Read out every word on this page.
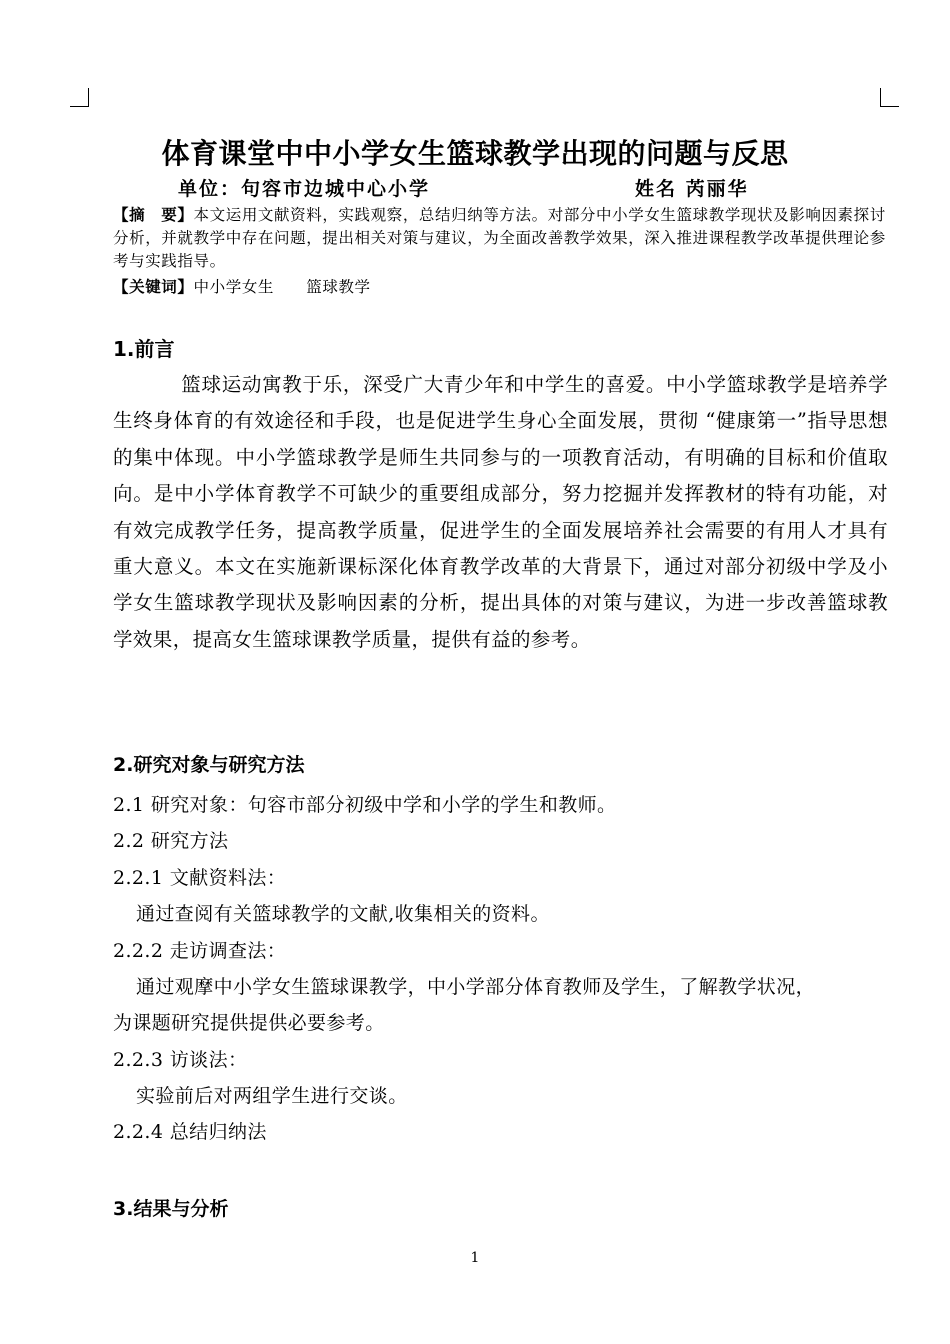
体育课堂中中小学女生篮球教学出现的问题与反思
单位：句容市边城中心小学	姓名 芮丽华
【摘　要】本文运用文献资料，实践观察，总结归纳等方法。对部分中小学女生篮球教学现状及影响因素探讨分析，并就教学中存在问题，提出相关对策与建议，为全面改善教学效果，深入推进课程教学改革提供理论参考与实践指导。
【关键词】中小学女生　　篮球教学
1.前言
篮球运动寓教于乐，深受广大青少年和中学生的喜爱。中小学篮球教学是培养学生终身体育的有效途径和手段，也是促进学生身心全面发展，贯彻 “健康第一”指导思想的集中体现。中小学篮球教学是师生共同参与的一项教育活动，有明确的目标和价值取向。是中小学体育教学不可缺少的重要组成部分，努力挖掘并发挥教材的特有功能，对有效完成教学任务，提高教学质量，促进学生的全面发展培养社会需要的有用人才具有重大意义。本文在实施新课标深化体育教学改革的大背景下，通过对部分初级中学及小学女生篮球教学现状及影响因素的分析，提出具体的对策与建议，为进一步改善篮球教学效果，提高女生篮球课教学质量，提供有益的参考。
2.研究对象与研究方法
2.1 研究对象：句容市部分初级中学和小学的学生和教师。
2.2 研究方法
2.2.1 文献资料法：
通过查阅有关篮球教学的文献,收集相关的资料。
2.2.2 走访调查法：
通过观摩中小学女生篮球课教学，中小学部分体育教师及学生，了解教学状况，
为课题研究提供提供必要参考。
2.2.3 访谈法：
实验前后对两组学生进行交谈。
2.2.4 总结归纳法
3.结果与分析
1
